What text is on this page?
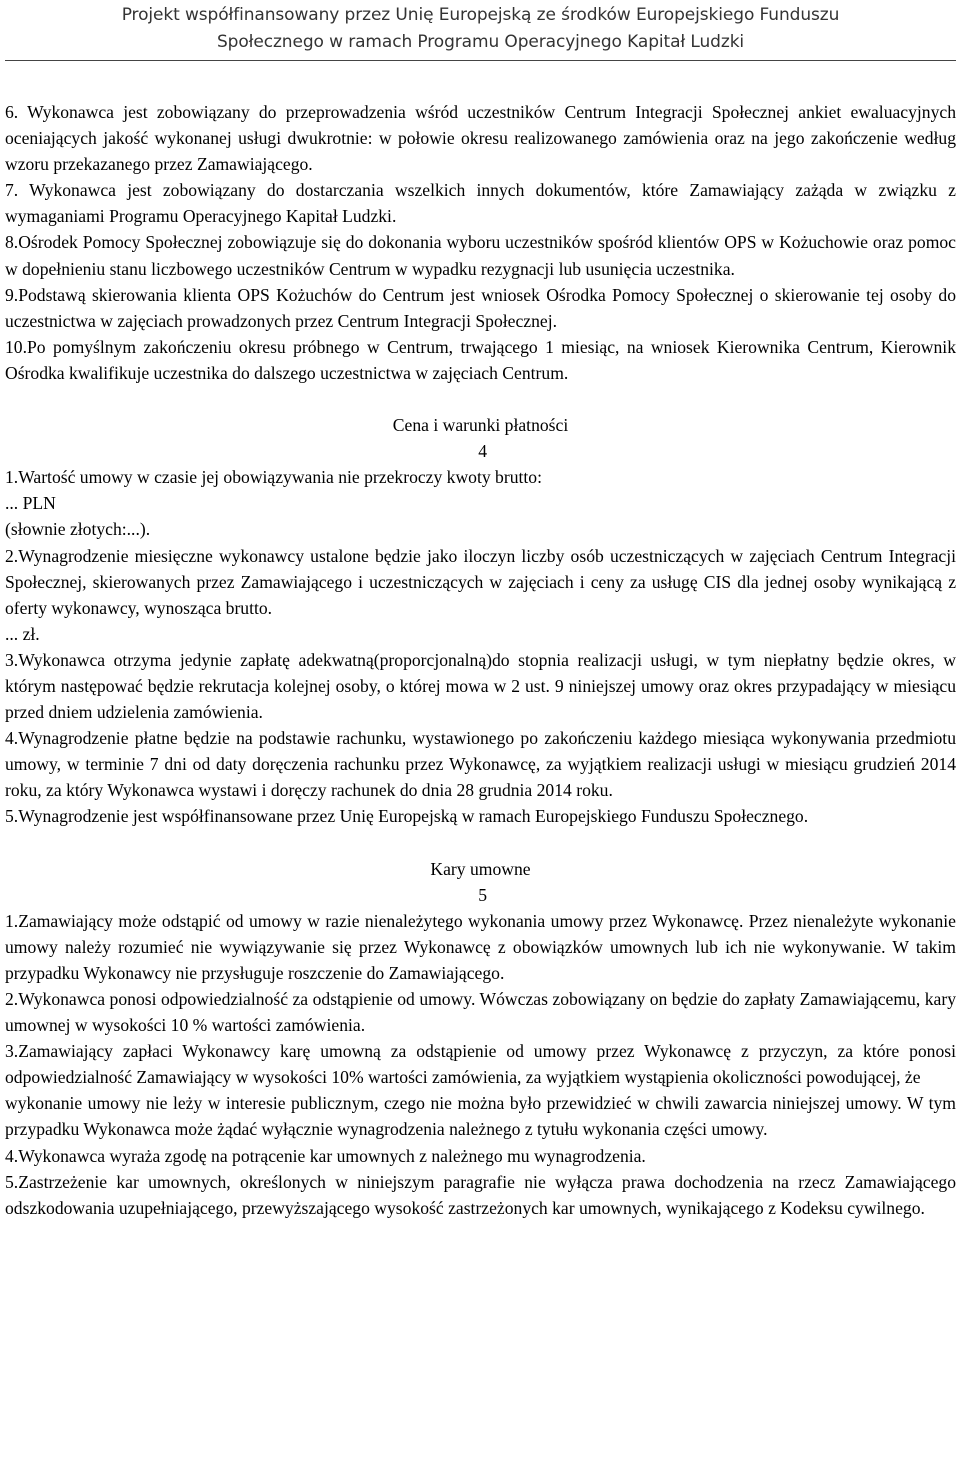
Projekt współfinansowany przez Unię Europejską ze środków Europejskiego Funduszu
Społecznego w ramach Programu Operacyjnego Kapitał Ludzki

6. Wykonawca jest zobowiązany do przeprowadzenia wśród uczestników Centrum Integracji Społecznej ankiet ewaluacyjnych oceniających jakość wykonanej usługi dwukrotnie: w połowie okresu realizowanego zamówienia oraz na jego zakończenie według wzoru przekazanego przez Zamawiającego.

7. Wykonawca jest zobowiązany do dostarczania wszelkich innych dokumentów, które Zamawiający zażąda w związku z wymaganiami Programu Operacyjnego Kapitał Ludzki.

8.Ośrodek Pomocy Społecznej zobowiązuje się do dokonania wyboru uczestników spośród klientów OPS w Kożuchowie oraz pomoc w dopełnieniu stanu liczbowego uczestników Centrum w wypadku rezygnacji lub usunięcia uczestnika.

9.Podstawą skierowania klienta OPS Kożuchów do Centrum jest wniosek Ośrodka Pomocy Społecznej o skierowanie tej osoby do uczestnictwa w zajęciach prowadzonych przez Centrum Integracji Społecznej.

10.Po pomyślnym zakończeniu okresu próbnego w Centrum, trwającego 1 miesiąc, na wniosek Kierownika Centrum, Kierownik Ośrodka kwalifikuje uczestnika do dalszego uczestnictwa w zajęciach Centrum.

Cena i warunki płatności
4

1.Wartość umowy w czasie jej obowiązywania nie przekroczy kwoty brutto:

... PLN

(słownie złotych:...).

2.Wynagrodzenie miesięczne wykonawcy ustalone będzie jako iloczyn liczby osób uczestniczących w zajęciach Centrum Integracji Społecznej, skierowanych przez Zamawiającego i uczestniczących w zajęciach i ceny za usługę CIS dla jednej osoby wynikającą z oferty wykonawcy, wynosząca brutto.

... zł.

3.Wykonawca otrzyma jedynie zapłatę adekwatną(proporcjonalną)do stopnia realizacji usługi, w tym niepłatny będzie okres, w którym następować będzie rekrutacja kolejnej osoby, o której mowa w 2 ust. 9 niniejszej umowy oraz okres przypadający w miesiącu przed dniem udzielenia zamówienia.

4.Wynagrodzenie płatne będzie na podstawie rachunku, wystawionego po zakończeniu każdego miesiąca wykonywania przedmiotu umowy, w terminie 7 dni od daty doręczenia rachunku przez Wykonawcę, za wyjątkiem realizacji usługi w miesiącu grudzień 2014 roku, za który Wykonawca wystawi i doręczy rachunek do dnia 28 grudnia 2014 roku.

5.Wynagrodzenie jest współfinansowane przez Unię Europejską w ramach Europejskiego Funduszu Społecznego.

Kary umowne
5

1.Zamawiający może odstąpić od umowy w razie nienależytego wykonania umowy przez Wykonawcę. Przez nienależyte wykonanie umowy należy rozumieć nie wywiązywanie się przez Wykonawcę z obowiązków umownych lub ich nie wykonywanie. W takim przypadku Wykonawcy nie przysługuje roszczenie do Zamawiającego.

2.Wykonawca ponosi odpowiedzialność za odstąpienie od umowy. Wówczas zobowiązany on będzie do zapłaty Zamawiającemu, kary umownej w wysokości 10 % wartości zamówienia.

3.Zamawiający zapłaci Wykonawcy karę umowną za odstąpienie od umowy przez Wykonawcę z przyczyn, za które ponosi odpowiedzialność Zamawiający w wysokości 10% wartości zamówienia, za wyjątkiem wystąpienia okoliczności powodującej, że

wykonanie umowy nie leży w interesie publicznym, czego nie można było przewidzieć w chwili zawarcia niniejszej umowy. W tym przypadku Wykonawca może żądać wyłącznie wynagrodzenia należnego z tytułu wykonania części umowy.

4.Wykonawca wyraża zgodę na potrącenie kar umownych z należnego mu wynagrodzenia.

5.Zastrzeżenie kar umownych, określonych w niniejszym paragrafie nie wyłącza prawa dochodzenia na rzecz Zamawiającego odszkodowania uzupełniającego, przewyższającego wysokość zastrzeżonych kar umownych, wynikającego z Kodeksu cywilnego.
